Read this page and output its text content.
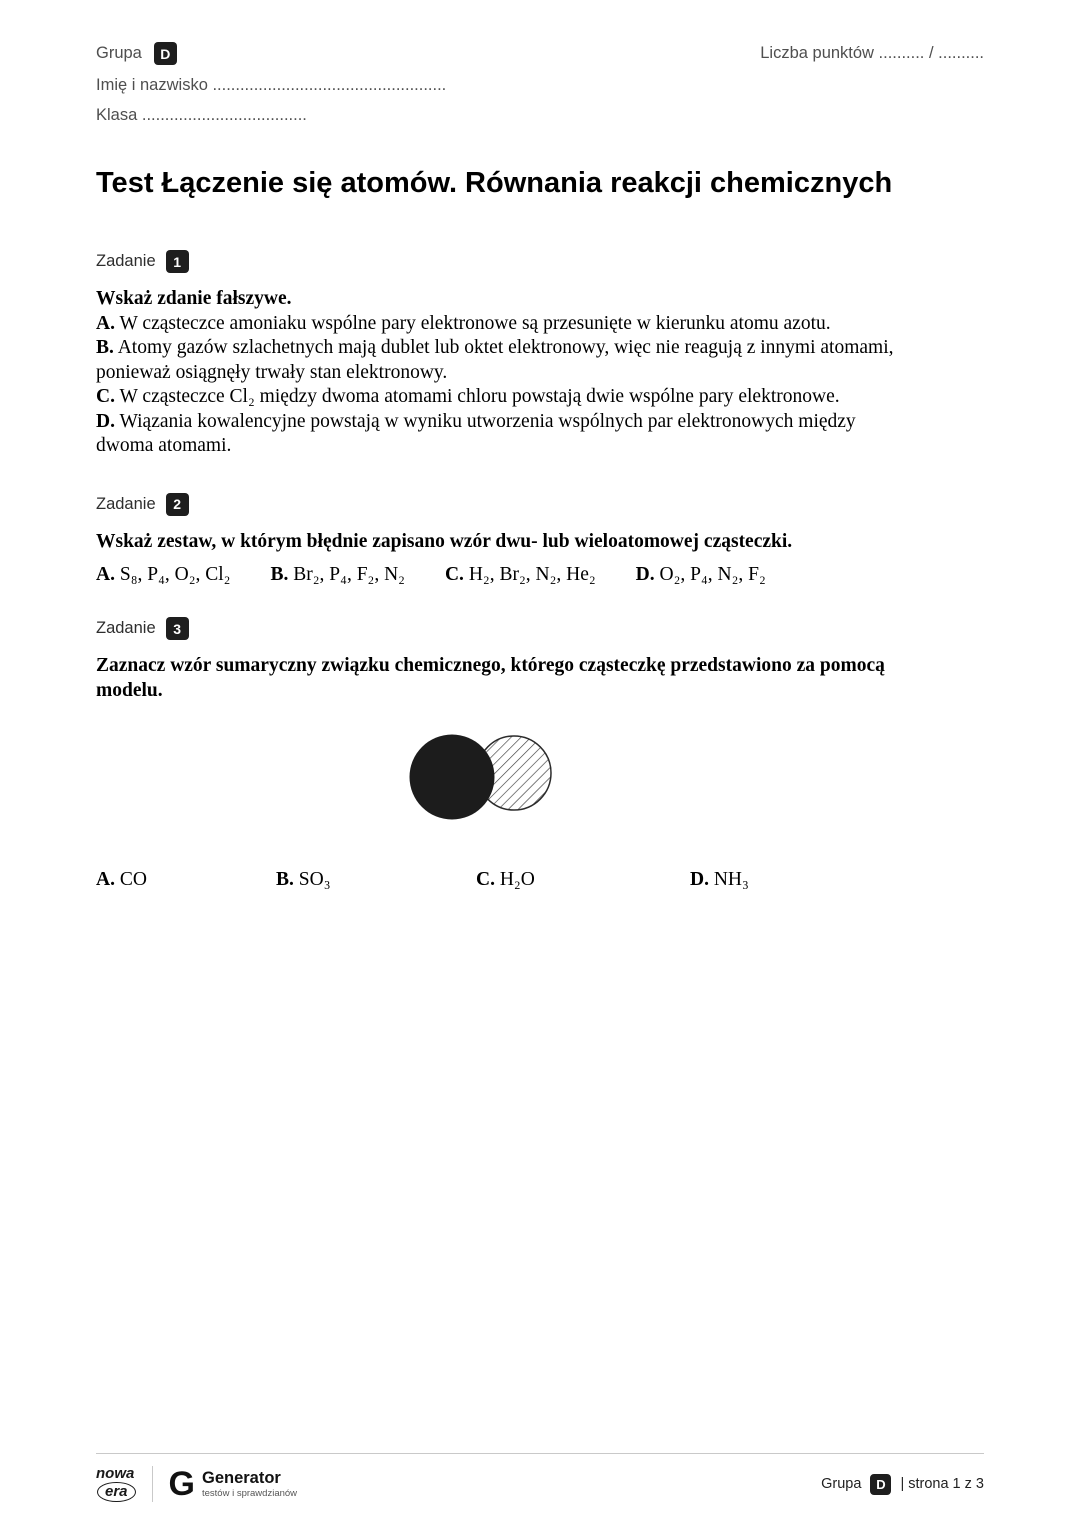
Grupa	D	Liczba punktów .......... / ..........
Imię i nazwisko ...................................................
Klasa ....................................
Test Łączenie się atomów. Równania reakcji chemicznych
Zadanie	1

Wskaż zdanie fałszywe.

A. W cząsteczce amoniaku wspólne pary elektronowe są przesunięte w kierunku atomu azotu.

B. Atomy gazów szlachetnych mają dublet lub oktet elektronowy, więc nie reagują z innymi atomami, ponieważ osiągnęły trwały stan elektronowy.

C. W cząsteczce Cl₂ między dwoma atomami chloru powstają dwie wspólne pary elektronowe.

D. Wiązania kowalencyjne powstają w wyniku utworzenia wspólnych par elektronowych między dwoma atomami.

Zadanie	2

Wskaż zestaw, w którym błędnie zapisano wzór dwu- lub wieloatomowej cząsteczki.

A. S₈, P₄, O₂, Cl₂ B. Br₂, P₄, F₂, N₂ C. H₂, Br₂, N₂, He₂ D. O₂, P₄, N₂, F₂
Zadanie	3

Zaznacz wzór sumaryczny związku chemicznego, którego cząsteczkę przedstawiono za pomocą modelu.

A. CO	B. SO₃	C. H₂O	D. NH₃
nowa
era G Generator
testów i sprawdzianów
Grupa	D	| strona 1 z 3
